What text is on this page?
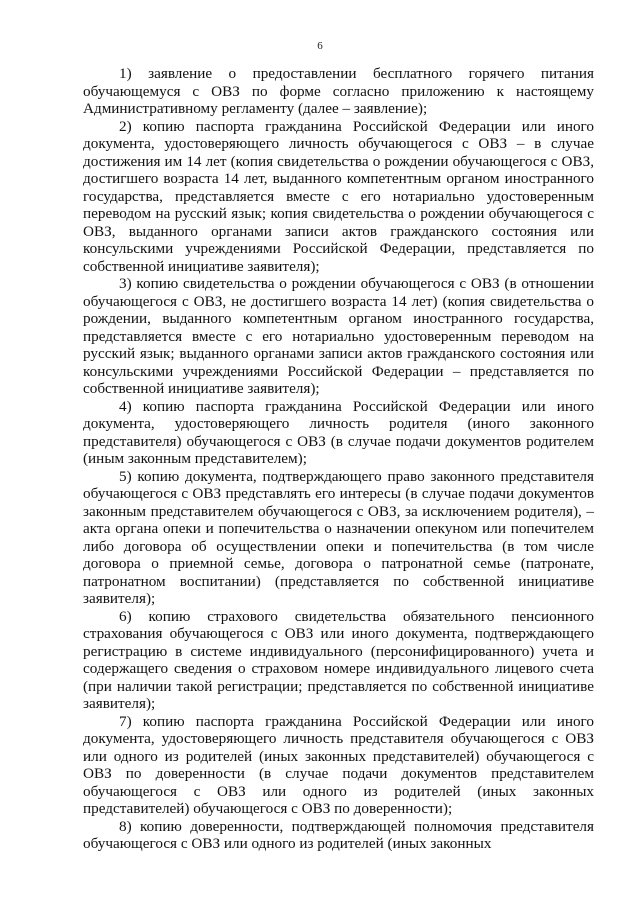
6

1) заявление о предоставлении бесплатного горячего питания обучающемуся с ОВЗ по форме согласно приложению к настоящему Административному регламенту (далее – заявление);

2) копию паспорта гражданина Российской Федерации или иного документа, удостоверяющего личность обучающегося с ОВЗ – в случае достижения им 14 лет (копия свидетельства о рождении обучающегося с ОВЗ, достигшего возраста 14 лет, выданного компетентным органом иностранного государства, представляется вместе с его нотариально удостоверенным переводом на русский язык; копия свидетельства о рождении обучающегося с ОВЗ, выданного органами записи актов гражданского состояния или консульскими учреждениями Российской Федерации, представляется по собственной инициативе заявителя);

3) копию свидетельства о рождении обучающегося с ОВЗ (в отношении обучающегося с ОВЗ, не достигшего возраста 14 лет) (копия свидетельства о рождении, выданного компетентным органом иностранного государства, представляется вместе с его нотариально удостоверенным переводом на русский язык; выданного органами записи актов гражданского состояния или консульскими учреждениями Российской Федерации – представляется по собственной инициативе заявителя);

4) копию паспорта гражданина Российской Федерации или иного документа, удостоверяющего личность родителя (иного законного представителя) обучающегося с ОВЗ (в случае подачи документов родителем (иным законным представителем);

5) копию документа, подтверждающего право законного представителя обучающегося с ОВЗ представлять его интересы (в случае подачи документов законным представителем обучающегося с ОВЗ, за исключением родителя), – акта органа опеки и попечительства о назначении опекуном или попечителем либо договора об осуществлении опеки и попечительства (в том числе договора о приемной семье, договора о патронатной семье (патронате, патронатном воспитании) (представляется по собственной инициативе заявителя);

6) копию страхового свидетельства обязательного пенсионного страхования обучающегося с ОВЗ или иного документа, подтверждающего регистрацию в системе индивидуального (персонифицированного) учета и содержащего сведения о страховом номере индивидуального лицевого счета (при наличии такой регистрации; представляется по собственной инициативе заявителя);

7) копию паспорта гражданина Российской Федерации или иного документа, удостоверяющего личность представителя обучающегося с ОВЗ или одного из родителей (иных законных представителей) обучающегося с ОВЗ по доверенности (в случае подачи документов представителем обучающегося с ОВЗ или одного из родителей (иных законных представителей) обучающегося с ОВЗ по доверенности);

8) копию доверенности, подтверждающей полномочия представителя обучающегося с ОВЗ или одного из родителей (иных законных
